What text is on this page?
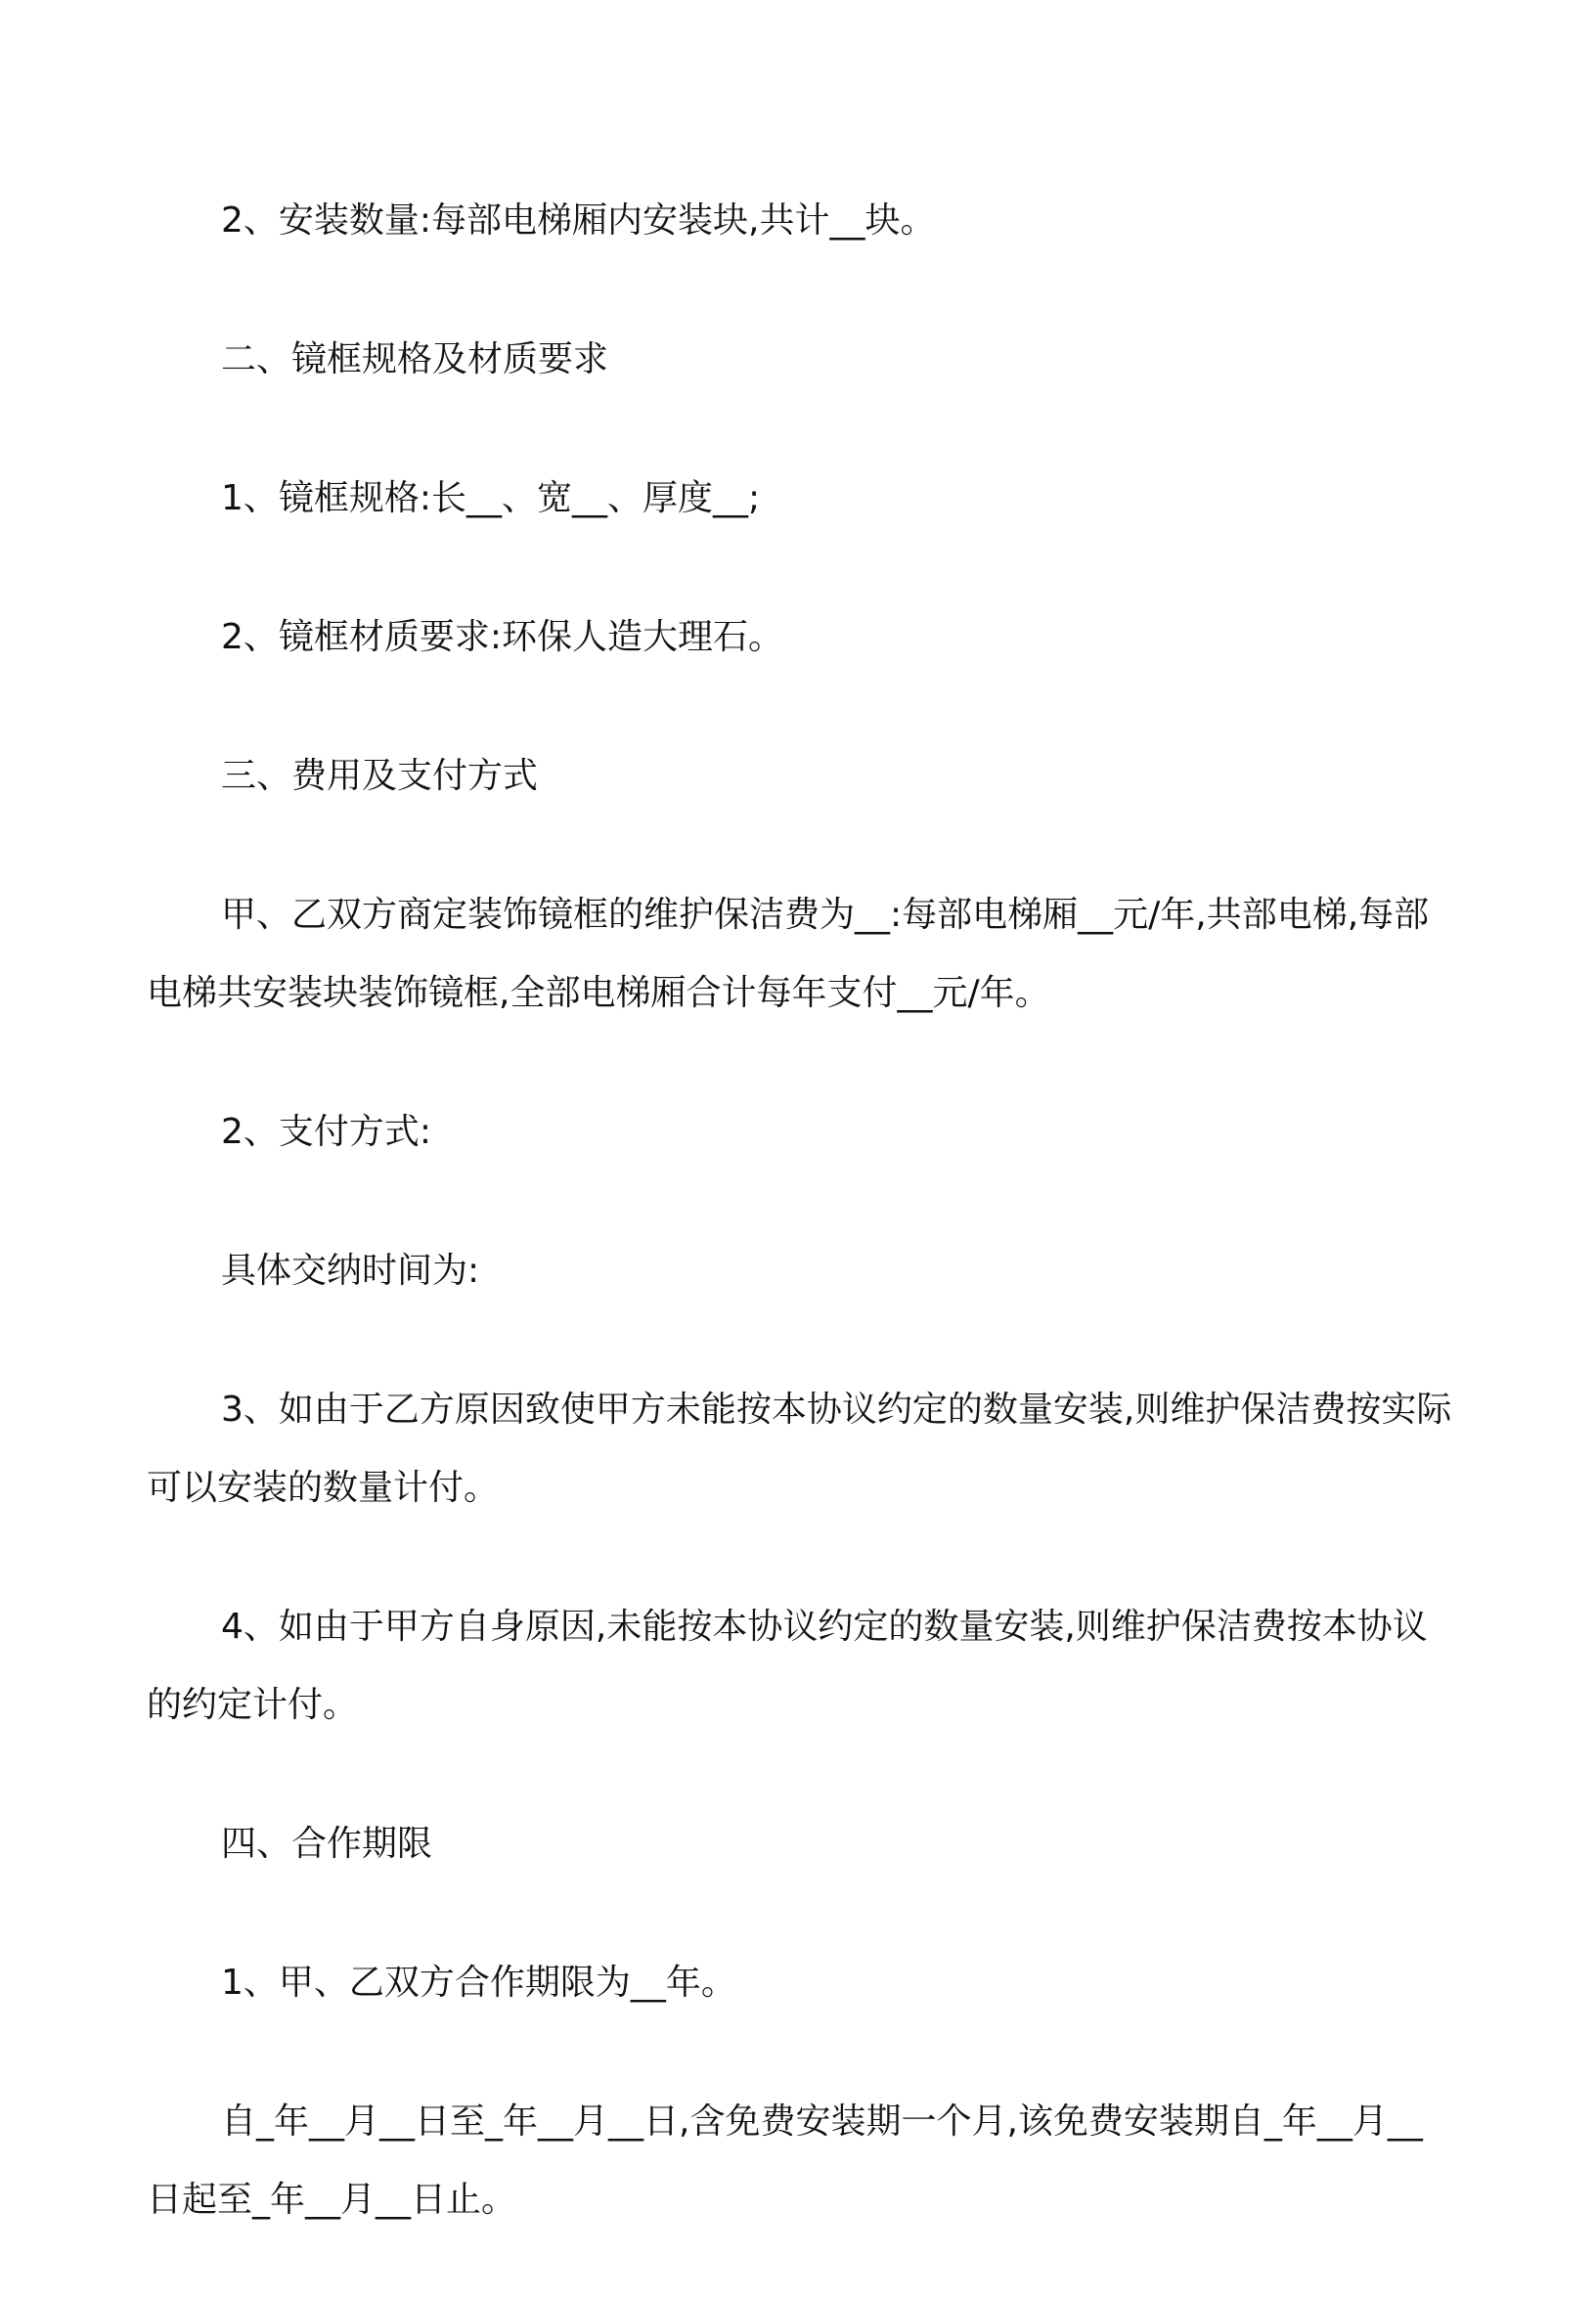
2、安装数量:每部电梯厢内安装块,共计__块。

二、镜框规格及材质要求

1、镜框规格:长__、宽__、厚度__;

2、镜框材质要求:环保人造大理石。

三、费用及支付方式

甲、乙双方商定装饰镜框的维护保洁费为__:每部电梯厢__元/年,共部电梯,每部电梯共安装块装饰镜框,全部电梯厢合计每年支付__元/年。

2、支付方式:

具体交纳时间为:

3、如由于乙方原因致使甲方未能按本协议约定的数量安装,则维护保洁费按实际可以安装的数量计付。

4、如由于甲方自身原因,未能按本协议约定的数量安装,则维护保洁费按本协议的约定计付。

四、合作期限

1、甲、乙双方合作期限为__年。

自_年__月__日至_年__月__日,含免费安装期一个月,该免费安装期自_年__月__日起至_年__月__日止。
